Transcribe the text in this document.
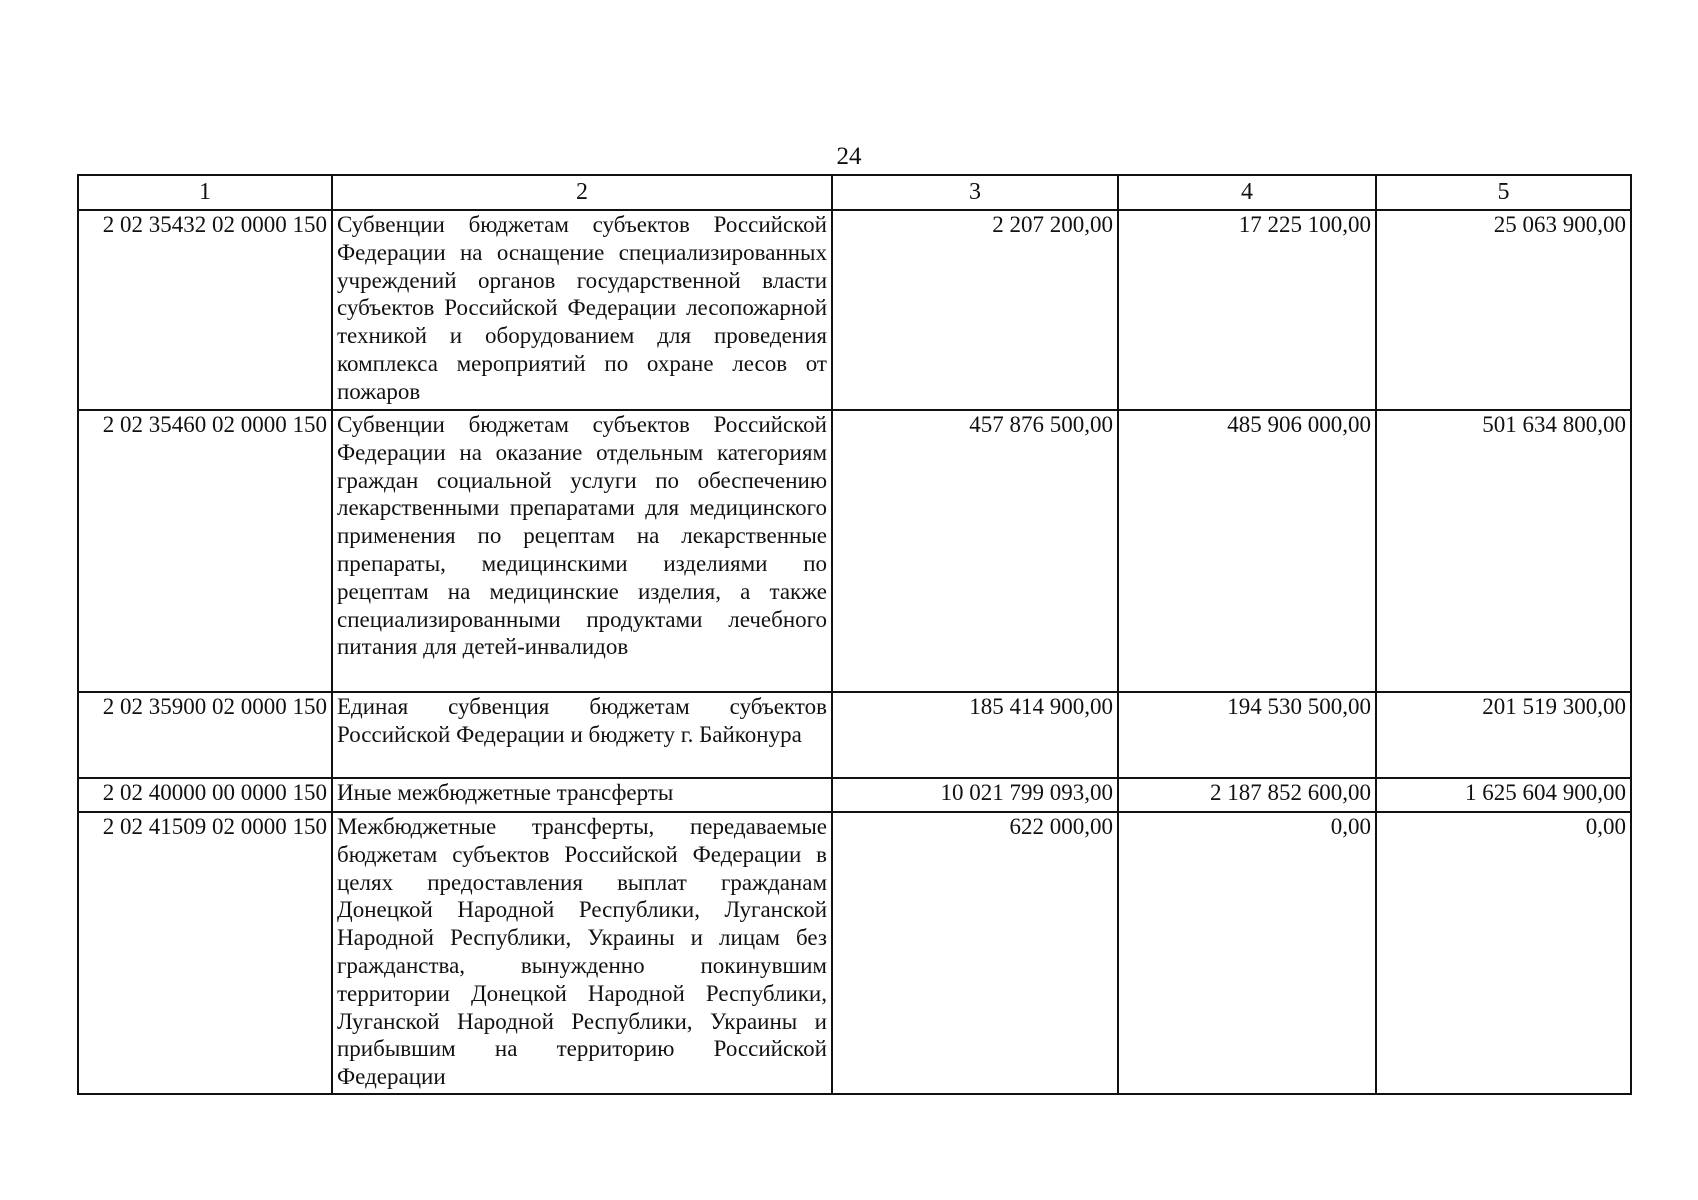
24
1	2	3	4	5
2 02 35432 02 0000 150	Субвенции бюджетам субъектов Российской Федерации на оснащение специализированных учреждений органов государственной власти субъектов Российской Федерации лесопожарной техникой и оборудованием для проведения комплекса мероприятий по охране лесов от пожаров	2 207 200,00	17 225 100,00	25 063 900,00
2 02 35460 02 0000 150	Субвенции бюджетам субъектов Российской Федерации на оказание отдельным категориям граждан социальной услуги по обеспечению лекарственными препаратами для медицинского применения по рецептам на лекарственные препараты, медицинскими изделиями по рецептам на медицинские изделия, а также специализированными продуктами лечебного питания для детей-инвалидов	457 876 500,00	485 906 000,00	501 634 800,00
2 02 35900 02 0000 150	Единая субвенция бюджетам субъектов Российской Федерации и бюджету г. Байконура	185 414 900,00	194 530 500,00	201 519 300,00
2 02 40000 00 0000 150	Иные межбюджетные трансферты	10 021 799 093,00	2 187 852 600,00	1 625 604 900,00
2 02 41509 02 0000 150	Межбюджетные трансферты, передаваемые бюджетам субъектов Российской Федерации в целях предоставления выплат гражданам Донецкой Народной Республики, Луганской Народной Республики, Украины и лицам без гражданства, вынужденно покинувшим территории Донецкой Народной Республики, Луганской Народной Республики, Украины и прибывшим на территорию Российской Федерации	622 000,00	0,00	0,00
